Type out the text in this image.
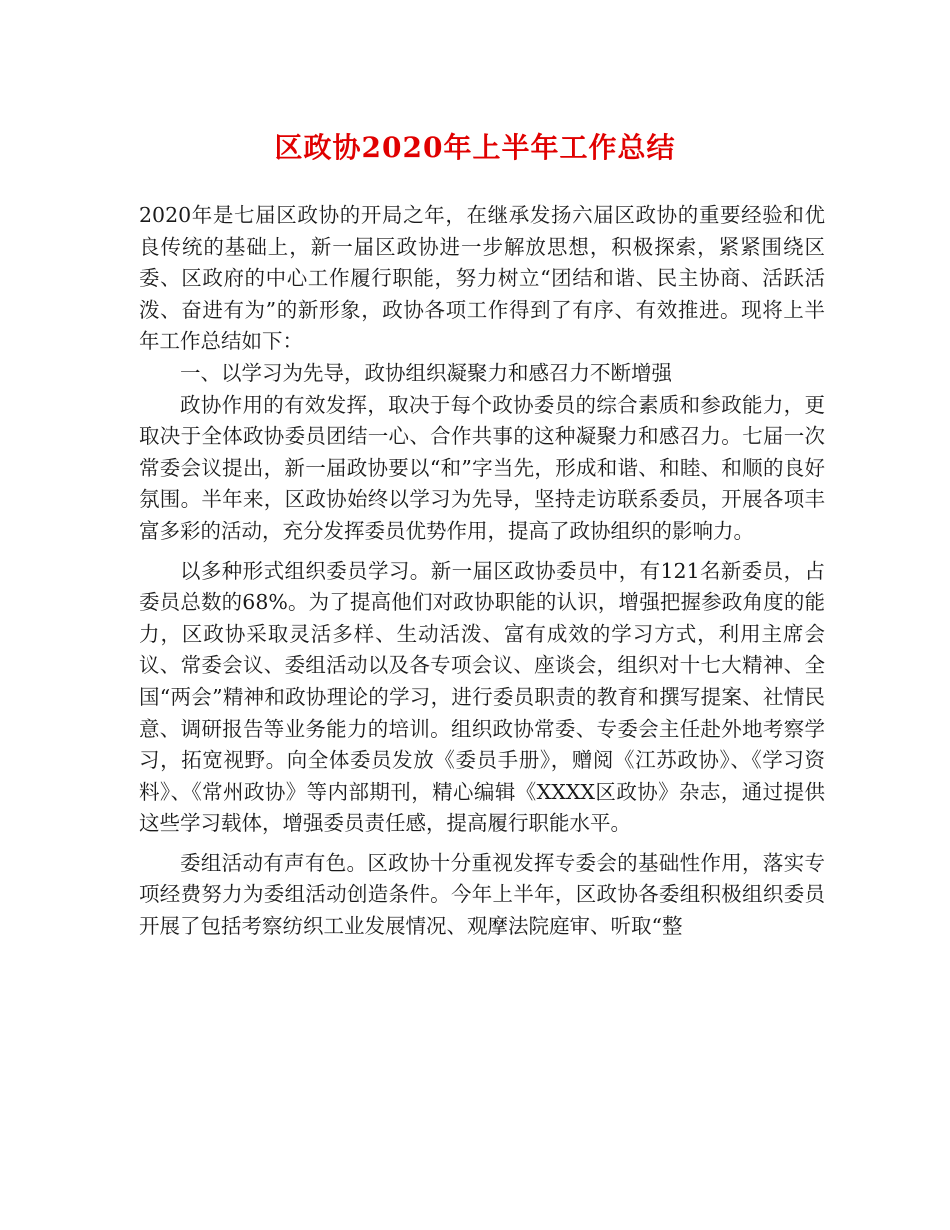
区政协2020年上半年工作总结

2020年是七届区政协的开局之年，在继承发扬六届区政协的重要经验和优良传统的基础上，新一届区政协进一步解放思想，积极探索，紧紧围绕区委、区政府的中心工作履行职能，努力树立“团结和谐、民主协商、活跃活泼、奋进有为”的新形象，政协各项工作得到了有序、有效推进。现将上半年工作总结如下：

一、以学习为先导，政协组织凝聚力和感召力不断增强

政协作用的有效发挥，取决于每个政协委员的综合素质和参政能力，更取决于全体政协委员团结一心、合作共事的这种凝聚力和感召力。七届一次常委会议提出，新一届政协要以“和”字当先，形成和谐、和睦、和顺的良好氛围。半年来，区政协始终以学习为先导，坚持走访联系委员，开展各项丰富多彩的活动，充分发挥委员优势作用，提高了政协组织的影响力。

以多种形式组织委员学习。新一届区政协委员中，有121名新委员，占委员总数的68%。为了提高他们对政协职能的认识，增强把握参政角度的能力，区政协采取灵活多样、生动活泼、富有成效的学习方式，利用主席会议、常委会议、委组活动以及各专项会议、座谈会，组织对十七大精神、全国“两会”精神和政协理论的学习，进行委员职责的教育和撰写提案、社情民意、调研报告等业务能力的培训。组织政协常委、专委会主任赴外地考察学习，拓宽视野。向全体委员发放《委员手册》，赠阅《江苏政协》、《学习资料》、《常州政协》等内部期刊，精心编辑《XXXX区政协》杂志，通过提供这些学习载体，增强委员责任感，提高履行职能水平。

委组活动有声有色。区政协十分重视发挥专委会的基础性作用，落实专项经费努力为委组活动创造条件。今年上半年，区政协各委组积极组织委员开展了包括考察纺织工业发展情况、观摩法院庭审、听取“整
